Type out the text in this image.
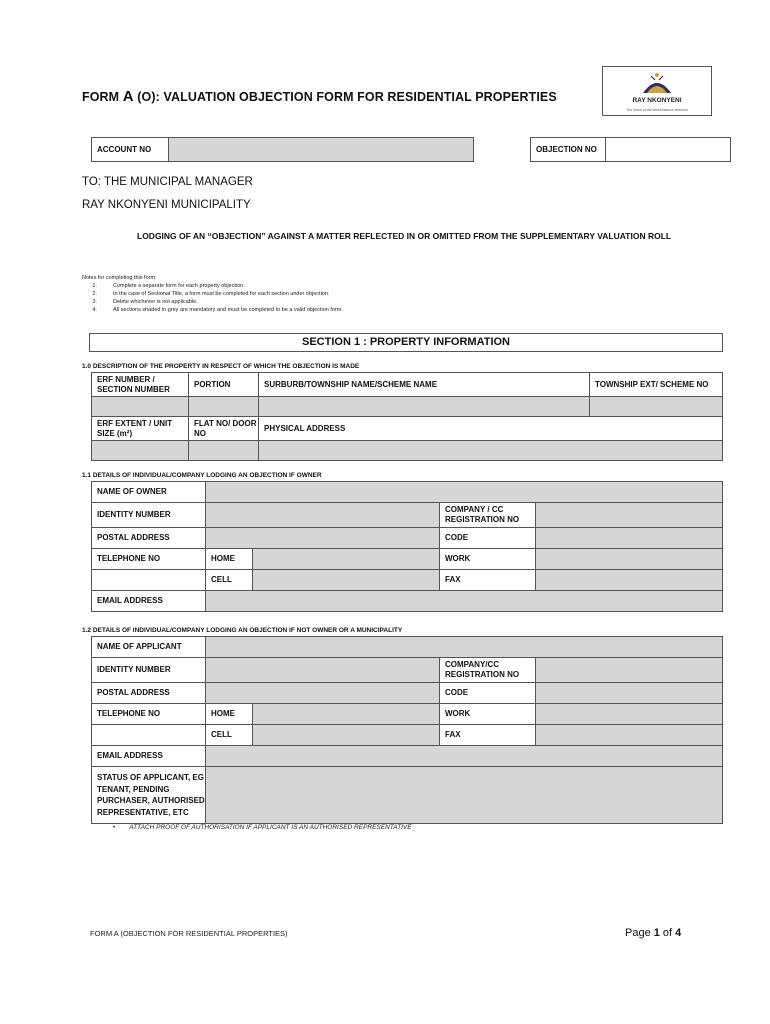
FORM A (O): VALUATION OBJECTION FORM FOR RESIDENTIAL PROPERTIES	RAY NKONYENI
The home of the world-famous beaches
ACCOUNT NO		OBJECTION NO	
TO: THE MUNICIPAL MANAGER
RAY NKONYENI MUNICIPALITY
LODGING OF AN “OBJECTION” AGAINST A MATTER REFLECTED IN OR OMITTED FROM THE SUPPLEMENTARY VALUATION ROLL
Notes for completing this form:
1.	Complete a separate form for each property objection.
2.	In the case of Sectional Title, a form must be completed for each section under objection.
3.	Delete whichever is not applicable.
4.	All sections shaded in grey are mandatory and must be completed to be a valid objection form.
SECTION 1 : PROPERTY INFORMATION
1.0 DESCRIPTION OF THE PROPERTY IN RESPECT OF WHICH THE OBJECTION IS MADE
ERF NUMBER / SECTION NUMBER	PORTION	SURBURB/TOWNSHIP NAME/SCHEME NAME	TOWNSHIP EXT/ SCHEME NO

ERF EXTENT / UNIT SIZE (m²)	FLAT NO/ DOOR NO	PHYSICAL ADDRESS	

1.1 DETAILS OF INDIVIDUAL/COMPANY LODGING AN OBJECTION IF OWNER
NAME OF OWNER				
IDENTITY NUMBER			COMPANY / CC REGISTRATION NO	
POSTAL ADDRESS			CODE	
TELEPHONE NO	HOME		WORK	
	CELL		FAX	
EMAIL ADDRESS				
1.2 DETAILS OF INDIVIDUAL/COMPANY LODGING AN OBJECTION IF NOT OWNER OR A MUNICIPALITY
NAME OF APPLICANT				
IDENTITY NUMBER			COMPANY/CC REGISTRATION NO	
POSTAL ADDRESS			CODE	
TELEPHONE NO	HOME		WORK	
	CELL		FAX	
EMAIL ADDRESS				
STATUS OF APPLICANT, EG TENANT, PENDING PURCHASER, AUTHORISED REPRESENTATIVE, ETC				
• ATTACH PROOF OF AUTHORISATION IF APPLICANT IS AN AUTHORISED REPRESENTATIVE
FORM A (OBJECTION FOR RESIDENTIAL PROPERTIES)	Page 1 of 4
